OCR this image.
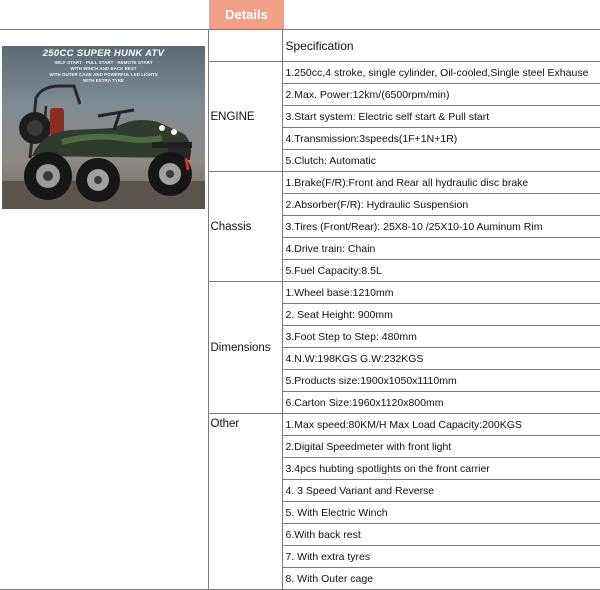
Details
250CC SUPER HUNK ATV
SELF START · PULL START · REMOTE START
WITH WINCH AND BACK REST
WITH OUTER CAGE AND POWERFUL LED LIGHTS
WITH EXTRA TYRE		Specification
	ENGINE	1.250cc,4 stroke, single cylinder, Oil-cooled,Single steel Exhause
		2.Max. Power:12km/(6500rpm/min)
		3.Start system: Electric self start & Pull start
		4.Transmission:3speeds(1F+1N+1R)
		5.Clutch: Automatic
	Chassis	1.Brake(F/R):Front and Rear all hydraulic disc brake
		2.Absorber(F/R): Hydraulic Suspension
		3.Tires (Front/Rear): 25X8-10 /25X10-10 Auminum Rim
		4.Drive train: Chain
		5.Fuel Capacity:8.5L
	Dimensions	1.Wheel base:1210mm
		2. Seat Height: 900mm
		3.Foot Step to Step: 480mm
		4.N.W:198KGS G.W:232KGS
		5.Products size:1900x1050x1110mm
		6.Carton Size:1960x1120x800mm
	Other	1.Max speed:80KM/H Max Load Capacity:200KGS
		2.Digital Speedmeter with front light
		3.4pcs hubting spotlights on the front carrier
		4. 3 Speed Variant and Reverse
		5. With Electric Winch
		6.With back rest
		7. With extra tyres
		8. With Outer cage
